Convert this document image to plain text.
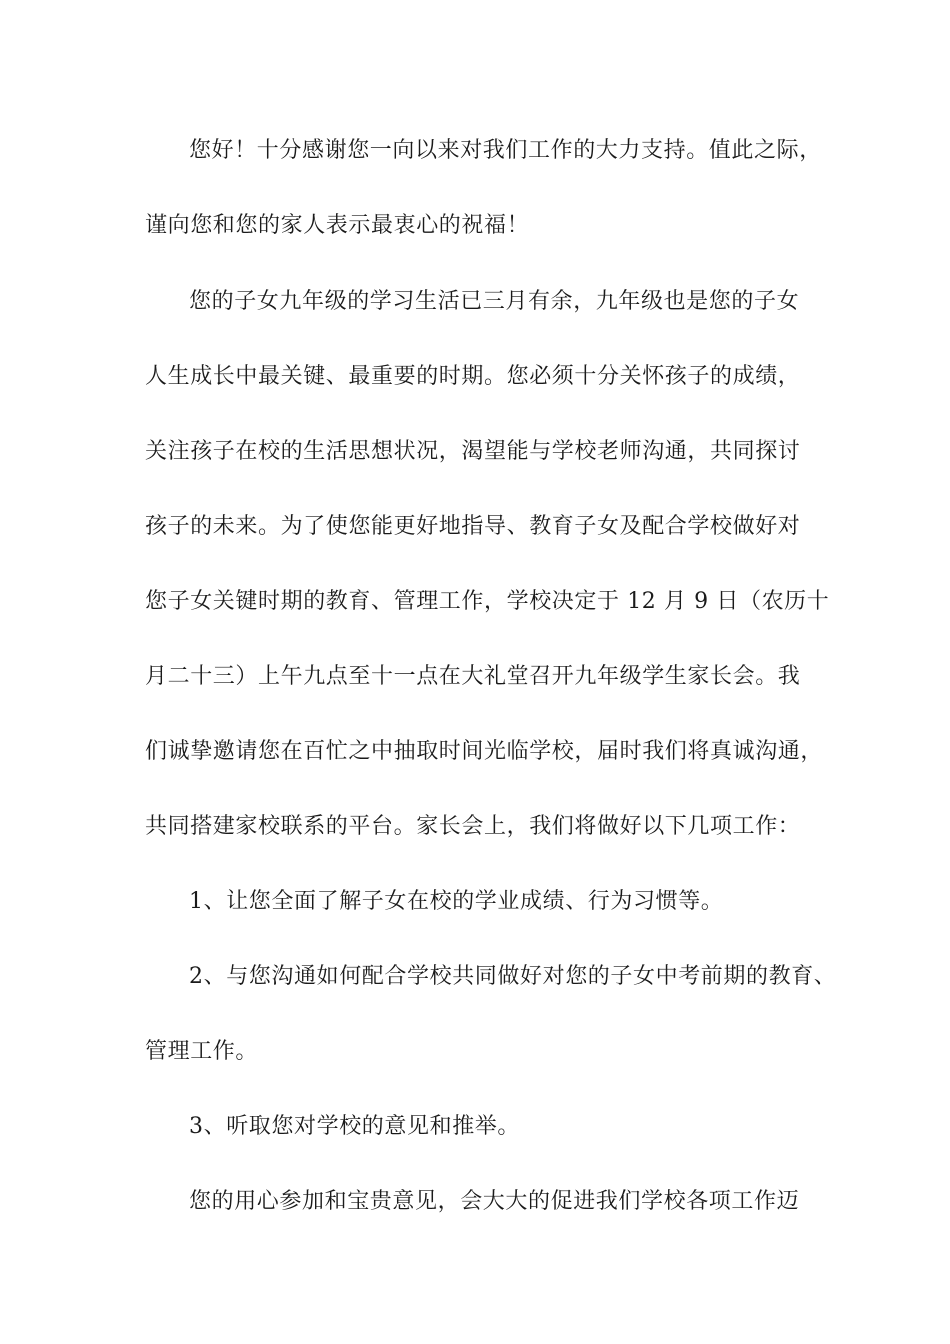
您好！十分感谢您一向以来对我们工作的大力支持。值此之际，

谨向您和您的家人表示最衷心的祝福！

您的子女九年级的学习生活已三月有余，九年级也是您的子女

人生成长中最关键、最重要的时期。您必须十分关怀孩子的成绩，

关注孩子在校的生活思想状况，渴望能与学校老师沟通，共同探讨

孩子的未来。为了使您能更好地指导、教育子女及配合学校做好对

您子女关键时期的教育、管理工作，学校决定于 12 月 9 日（农历十

月二十三）上午九点至十一点在大礼堂召开九年级学生家长会。我

们诚挚邀请您在百忙之中抽取时间光临学校，届时我们将真诚沟通，

共同搭建家校联系的平台。家长会上，我们将做好以下几项工作：

1、让您全面了解子女在校的学业成绩、行为习惯等。

2、与您沟通如何配合学校共同做好对您的子女中考前期的教育、

管理工作。

3、听取您对学校的意见和推举。

您的用心参加和宝贵意见，会大大的促进我们学校各项工作迈
